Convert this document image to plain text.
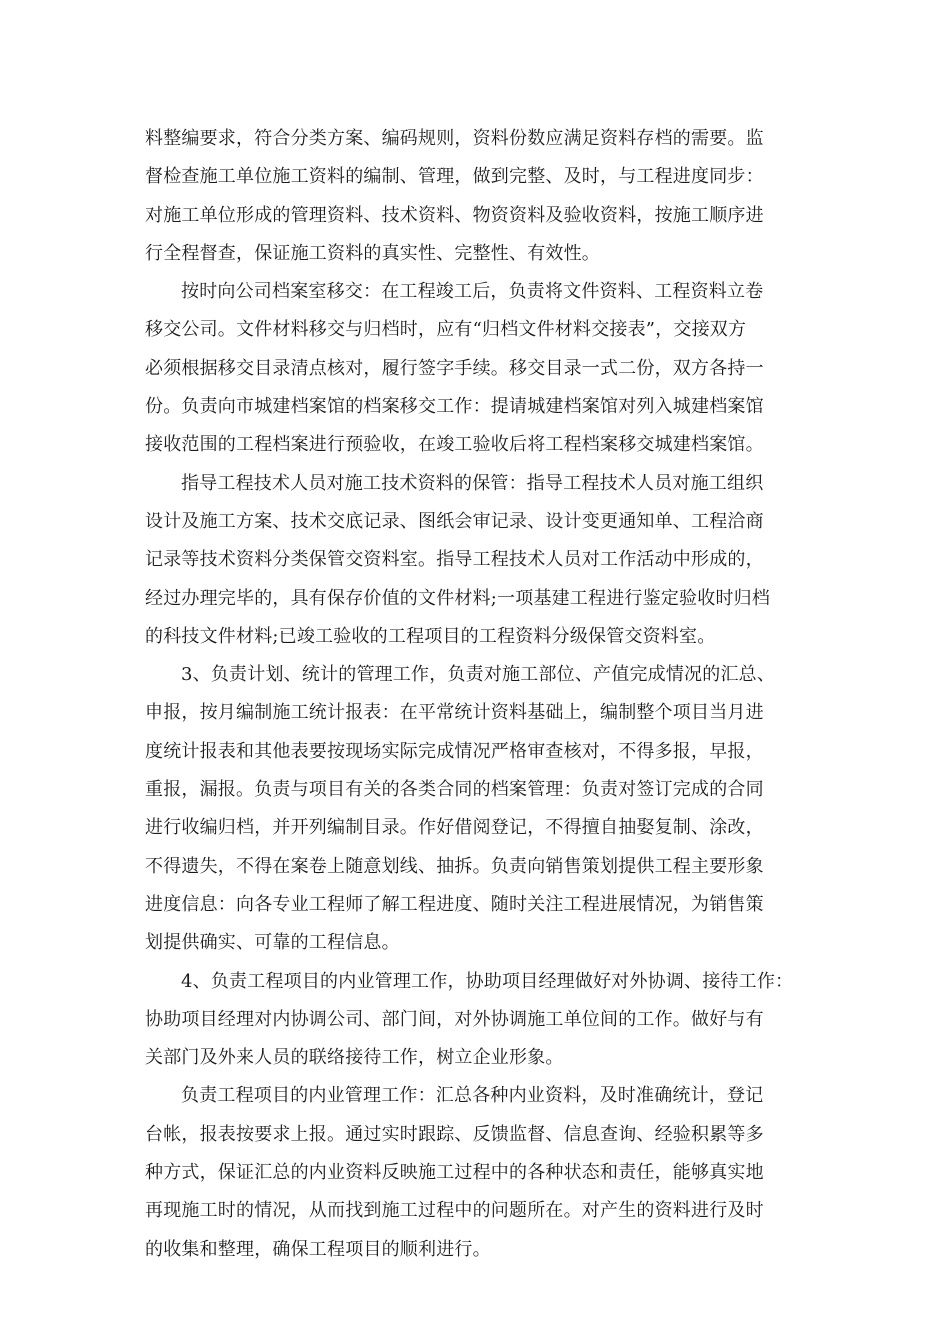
料整编要求，符合分类方案、编码规则，资料份数应满足资料存档的需要。监
督检查施工单位施工资料的编制、管理，做到完整、及时，与工程进度同步：
对施工单位形成的管理资料、技术资料、物资资料及验收资料，按施工顺序进
行全程督查，保证施工资料的真实性、完整性、有效性。
按时向公司档案室移交：在工程竣工后，负责将文件资料、工程资料立卷
移交公司。文件材料移交与归档时，应有“归档文件材料交接表”，交接双方
必须根据移交目录清点核对，履行签字手续。移交目录一式二份，双方各持一
份。负责向市城建档案馆的档案移交工作：提请城建档案馆对列入城建档案馆
接收范围的工程档案进行预验收，在竣工验收后将工程档案移交城建档案馆。
指导工程技术人员对施工技术资料的保管：指导工程技术人员对施工组织
设计及施工方案、技术交底记录、图纸会审记录、设计变更通知单、工程洽商
记录等技术资料分类保管交资料室。指导工程技术人员对工作活动中形成的，
经过办理完毕的，具有保存价值的文件材料;一项基建工程进行鉴定验收时归档
的科技文件材料;已竣工验收的工程项目的工程资料分级保管交资料室。
3、负责计划、统计的管理工作，负责对施工部位、产值完成情况的汇总、
申报，按月编制施工统计报表：在平常统计资料基础上，编制整个项目当月进
度统计报表和其他表要按现场实际完成情况严格审查核对，不得多报，早报，
重报，漏报。负责与项目有关的各类合同的档案管理：负责对签订完成的合同
进行收编归档，并开列编制目录。作好借阅登记，不得擅自抽娶复制、涂改，
不得遗失，不得在案卷上随意划线、抽拆。负责向销售策划提供工程主要形象
进度信息：向各专业工程师了解工程进度、随时关注工程进展情况，为销售策
划提供确实、可靠的工程信息。
4、负责工程项目的内业管理工作，协助项目经理做好对外协调、接待工作：
协助项目经理对内协调公司、部门间，对外协调施工单位间的工作。做好与有
关部门及外来人员的联络接待工作，树立企业形象。
负责工程项目的内业管理工作：汇总各种内业资料，及时准确统计，登记
台帐，报表按要求上报。通过实时跟踪、反馈监督、信息查询、经验积累等多
种方式，保证汇总的内业资料反映施工过程中的各种状态和责任，能够真实地
再现施工时的情况，从而找到施工过程中的问题所在。对产生的资料进行及时
的收集和整理，确保工程项目的顺利进行。
